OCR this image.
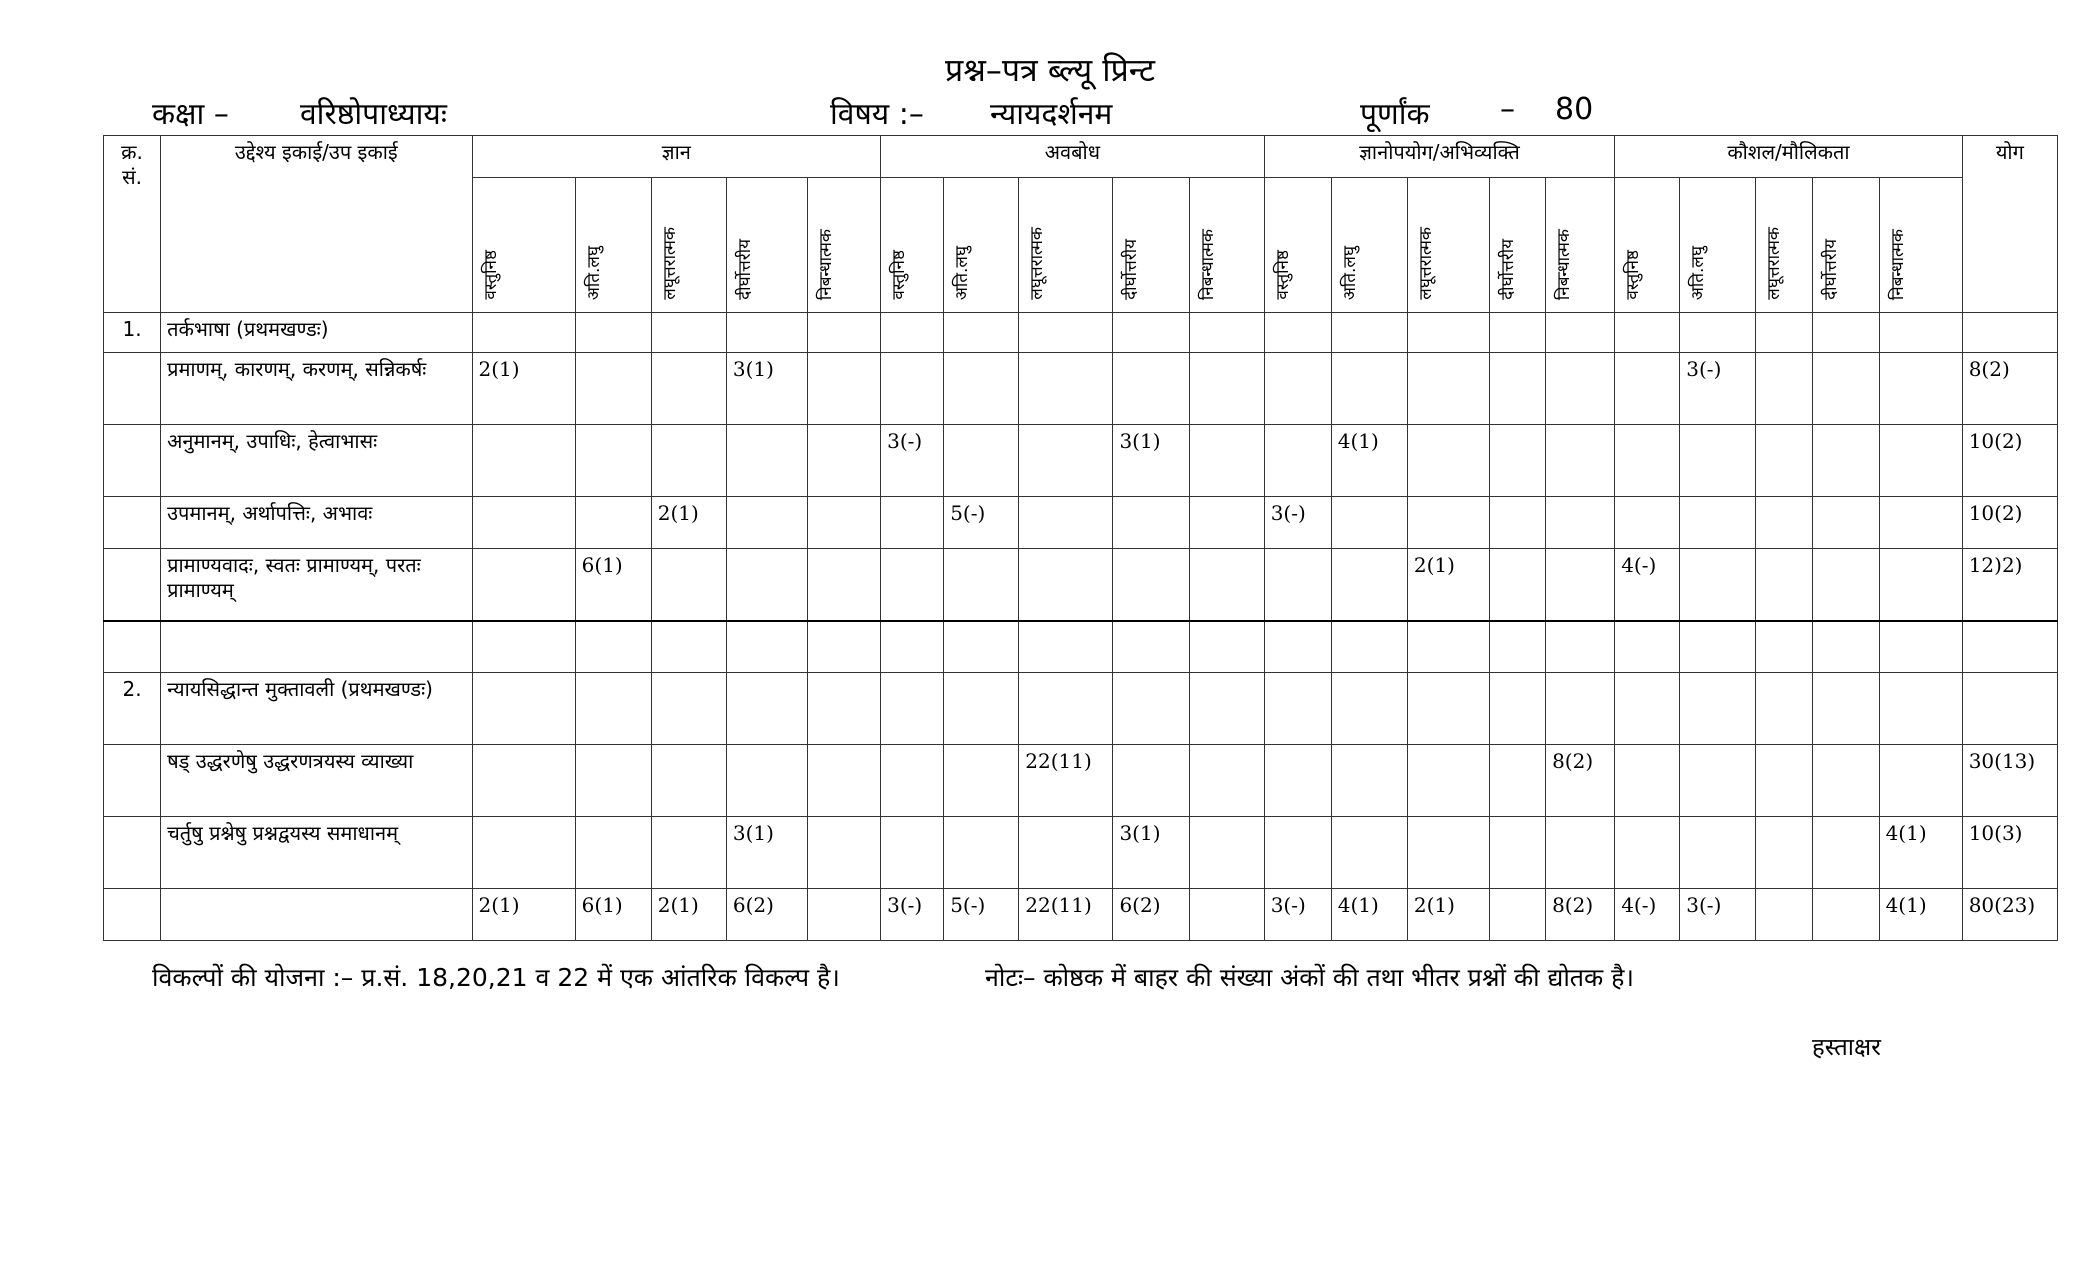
प्रश्न–पत्र ब्ल्यू प्रिन्ट
कक्षा – वरिष्ठोपाध्यायः	विषय :– न्यायदर्शनम	पूर्णांक – 80
क्र. सं.	उद्देश्य इकाई/उप इकाई	ज्ञान					अवबोध					ज्ञानोपयोग/अभिव्यक्ति					कौशल/मौलिकता					योग
		वस्तुनिष्ठ	अति.लघु	लघूत्तरात्मक	दीर्घोत्तरीय	निबन्धात्मक	वस्तुनिष्ठ	अति.लघु	लघूत्तरात्मक	दीर्घोत्तरीय	निबन्धात्मक	वस्तुनिष्ठ	अति.लघु	लघूत्तरात्मक	दीर्घोत्तरीय	निबन्धात्मक	वस्तुनिष्ठ	अति.लघु	लघूत्तरात्मक	दीर्घोत्तरीय	निबन्धात्मक	
1.	तर्कभाषा (प्रथमखण्डः)																					
	प्रमाणम्, कारणम्, करणम्, सन्निकर्षः	2(1)			3(1)													3(-)				8(2)
	अनुमानम्, उपाधिः, हेत्वाभासः						3(-)			3(1)			4(1)									10(2)
	उपमानम्, अर्थापत्तिः, अभावः			2(1)				5(-)				3(-)										10(2)
	प्रामाण्यवादः, स्वतः प्रामाण्यम्, परतः प्रामाण्यम्		6(1)											2(1)			4(-)					12)2)

2.	न्यायसिद्धान्त मुक्तावली (प्रथमखण्डः)																					
	षड् उद्धरणेषु उद्धरणत्रयस्य व्याख्या								22(11)							8(2)						30(13)
	चर्तुषु प्रश्नेषु प्रश्नद्वयस्य समाधानम्				3(1)					3(1)											4(1)	10(3)
		2(1)	6(1)	2(1)	6(2)		3(-)	5(-)	22(11)	6(2)		3(-)	4(1)	2(1)		8(2)	4(-)	3(-)			4(1)	80(23)
विकल्पों की योजना :– प्र.सं. 18,20,21 व 22 में एक आंतरिक विकल्प है।	नोटः– कोष्ठक में बाहर की संख्या अंकों की तथा भीतर प्रश्नों की द्योतक है।
हस्ताक्षर
